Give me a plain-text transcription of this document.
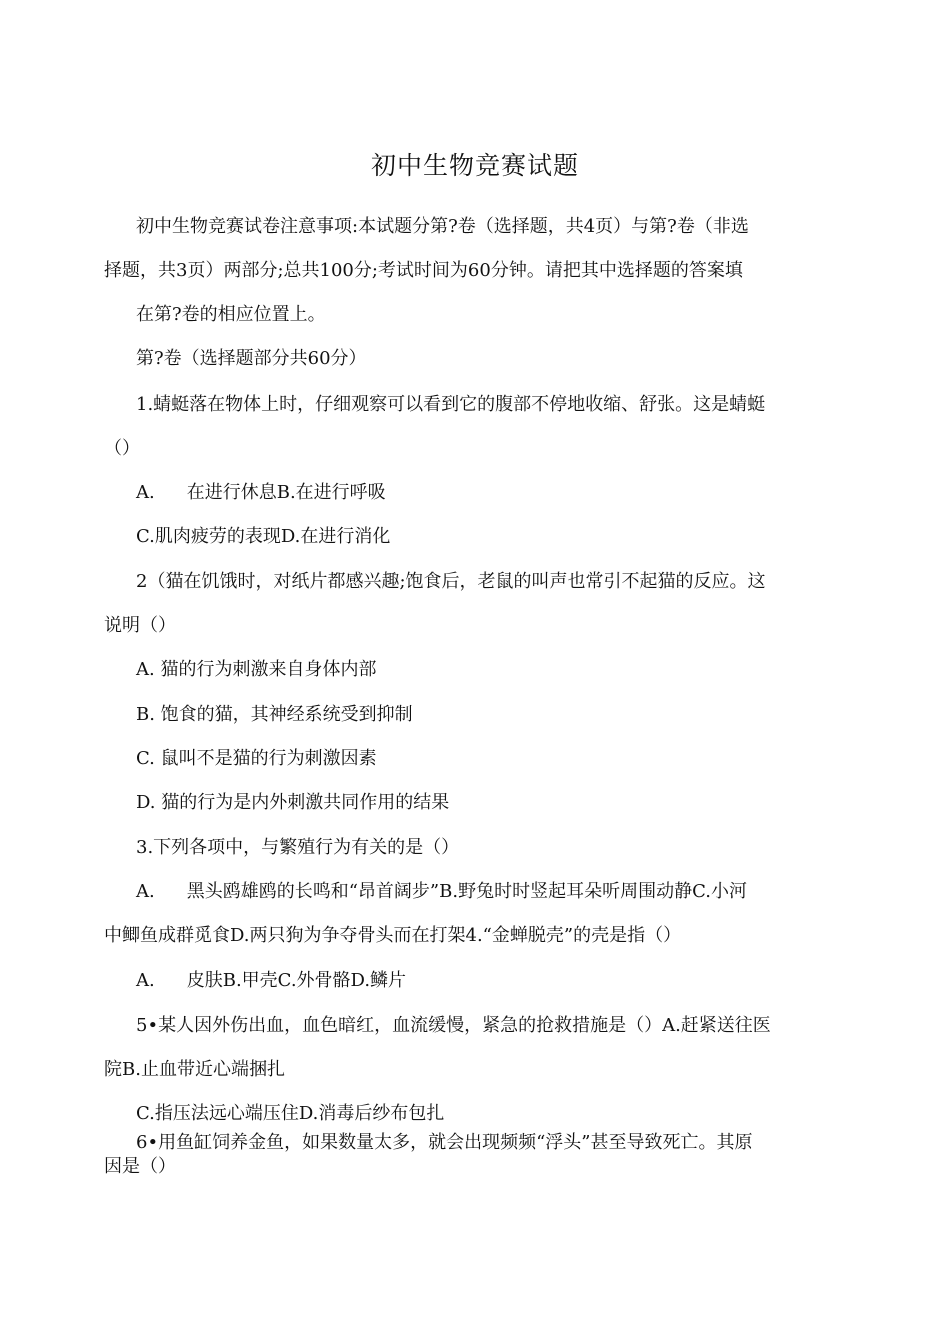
初中生物竞赛试题
初中生物竞赛试卷注意事项:本试题分第?卷（选择题，共4页）与第?卷（非选
择题，共3页）两部分;总共100分;考试时间为60分钟。请把其中选择题的答案填
在第?卷的相应位置上。
第?卷（选择题部分共60分）
1.蜻蜓落在物体上时，仔细观察可以看到它的腹部不停地收缩、舒张。这是蜻蜓
（）
A. 在进行休息B.在进行呼吸
C.肌肉疲劳的表现D.在进行消化
2（猫在饥饿时，对纸片都感兴趣;饱食后，老鼠的叫声也常引不起猫的反应。这
说明（）
A. 猫的行为刺激来自身体内部
B. 饱食的猫，其神经系统受到抑制
C. 鼠叫不是猫的行为刺激因素
D. 猫的行为是内外刺激共同作用的结果
3.下列各项中，与繁殖行为有关的是（）
A. 黑头鸥雄鸥的长鸣和“昂首阔步”B.野兔时时竖起耳朵听周围动静C.小河
中鲫鱼成群觅食D.两只狗为争夺骨头而在打架4.“金蝉脱壳”的壳是指（）
A. 皮肤B.甲壳C.外骨骼D.鳞片
5•某人因外伤出血，血色暗红，血流缓慢，紧急的抢救措施是（）A.赶紧送往医
院B.止血带近心端捆扎
C.指压法远心端压住D.消毒后纱布包扎
6•用鱼缸饲养金鱼，如果数量太多，就会出现频频“浮头”甚至导致死亡。其原
因是（）
